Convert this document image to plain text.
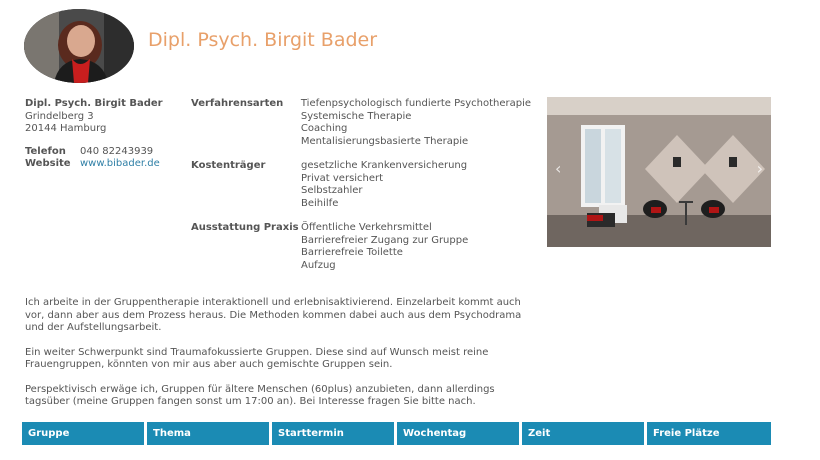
Dipl. Psych. Birgit Bader
Dipl. Psych. Birgit Bader
Grindelberg 3
20144 Hamburg
Telefon	040 82243939
Website www.bibader.de
Verfahrensarten	Tiefenpsychologisch fundierte Psychotherapie
Systemische Therapie
Coaching
Mentalisierungsbasierte Therapie
Kostenträger	gesetzliche Krankenversicherung
Privat versichert
Selbstzahler
Beihilfe
Ausstattung Praxis Öffentliche Verkehrsmittel
Barrierefreier Zugang zur Gruppe
Barrierefreie Toilette
Aufzug
‹	›

Ich arbeite in der Gruppentherapie interaktionell und erlebnisaktivierend. Einzelarbeit kommt auch vor, dann aber aus dem Prozess heraus. Die Methoden kommen dabei auch aus dem Psychodrama und der Aufstellungsarbeit.

Ein weiter Schwerpunkt sind Traumafokussierte Gruppen. Diese sind auf Wunsch meist reine Frauengruppen, könnten von mir aus aber auch gemischte Gruppen sein.

Perspektivisch erwäge ich, Gruppen für ältere Menschen (60plus) anzubieten, dann allerdings tagsüber (meine Gruppen fangen sonst um 17:00 an). Bei Interesse fragen Sie bitte nach.

Gruppe	Thema	Starttermin	Wochentag	Zeit	Freie Plätze
